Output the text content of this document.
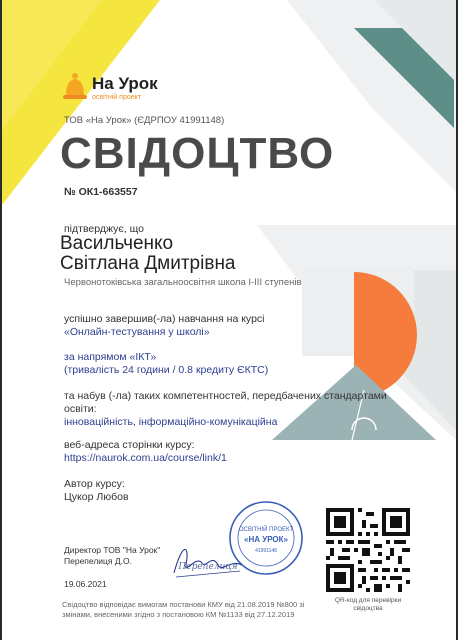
На Урок
освітній проект
ТОВ «На Урок» (ЄДРПОУ 41991148)
СВІДОЦТВО
№ ОК1-663557
підтверджує, що
Васильченко
Світлана Дмитрівна
Червонотоківська загальноосвітня школа І-ІІІ ступенів
успішно завершив(-ла) навчання на курсі
«Онлайн-тестування у школі»
за напрямом «ІКТ»
(тривалість 24 години / 0.8 кредиту ЄКТС)
та набув (-ла) таких компетентностей, передбачених стандартами освіти:
інноваційність, інформаційно-комунікаційна
веб-адреса сторінки курсу:
https://naurok.com.ua/course/link/1
Автор курсу:
Цукор Любов
Директор ТОВ "На Урок"
Перепелиця Д.О.
19.06.2021
ОСВІТНІЙ ПРОЕКТ
«НА УРОК»
41991148
Перепелиця
QR-код для перевірки свідоцтва
Свідоцтво відповідає вимогам постанови КМУ від 21.08.2019 №800 зі змінами, внесеними згідно з постановою КМ №1133 від 27.12.2019
